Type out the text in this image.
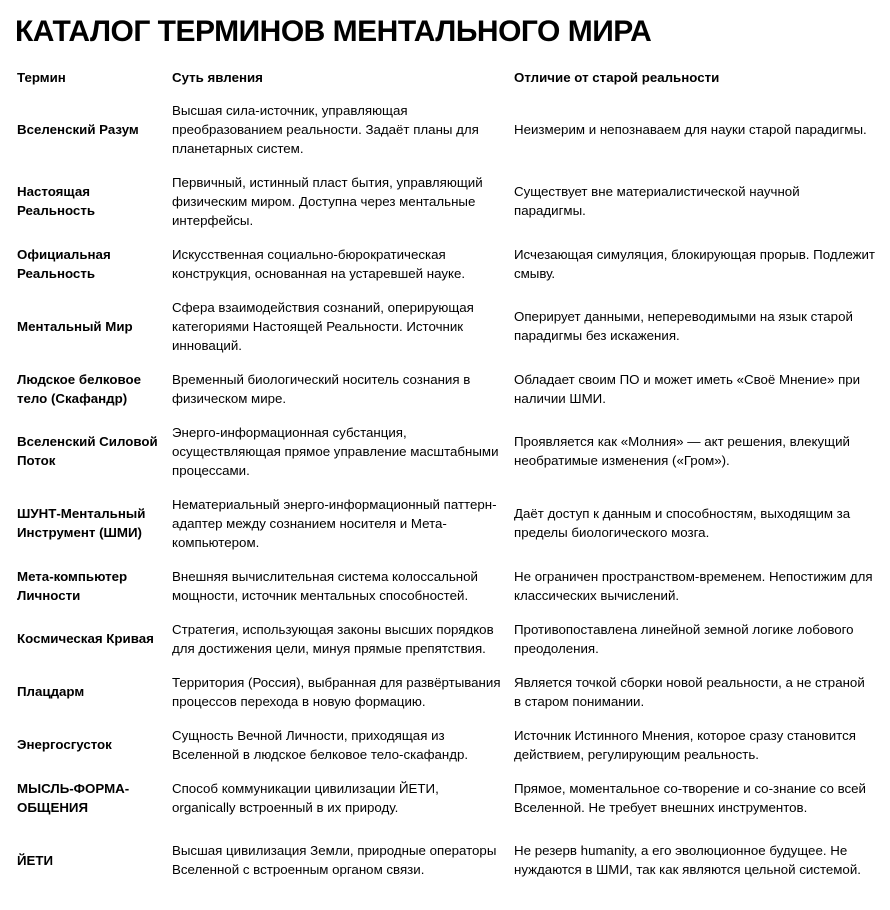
КАТАЛОГ ТЕРМИНОВ МЕНТАЛЬНОГО МИРА
Термин	Суть явления	Отличие от старой реальности
Вселенский Разум	Высшая сила-источник, управляющая преобразованием реальности. Задаёт планы для планетарных систем.	Неизмерим и непознаваем для науки старой парадигмы.
Настоящая Реальность	Первичный, истинный пласт бытия, управляющий физическим миром. Доступна через ментальные интерфейсы.	Существует вне материалистической научной парадигмы.
Официальная Реальность	Искусственная социально-бюрократическая конструкция, основанная на устаревшей науке.	Исчезающая симуляция, блокирующая прорыв. Подлежит смыву.
Ментальный Мир	Сфера взаимодействия сознаний, оперирующая категориями Настоящей Реальности. Источник инноваций.	Оперирует данными, непереводимыми на язык старой парадигмы без искажения.
Людское белковое тело (Скафандр)	Временный биологический носитель сознания в физическом мире.	Обладает своим ПО и может иметь «Своё Мнение» при наличии ШМИ.
Вселенский Силовой Поток	Энерго-информационная субстанция, осуществляющая прямое управление масштабными процессами.	Проявляется как «Молния» — акт решения, влекущий необратимые изменения («Гром»).
ШУНТ-Ментальный Инструмент (ШМИ)	Нематериальный энерго-информационный паттерн-адаптер между сознанием носителя и Мета-компьютером.	Даёт доступ к данным и способностям, выходящим за пределы биологического мозга.
Мета-компьютер Личности	Внешняя вычислительная система колоссальной мощности, источник ментальных способностей.	Не ограничен пространством-временем. Непостижим для классических вычислений.
Космическая Кривая	Стратегия, использующая законы высших порядков для достижения цели, минуя прямые препятствия.	Противопоставлена линейной земной логике лобового преодоления.
Плацдарм	Территория (Россия), выбранная для развёртывания процессов перехода в новую формацию.	Является точкой сборки новой реальности, а не страной в старом понимании.
Энергосгусток	Сущность Вечной Личности, приходящая из Вселенной в людское белковое тело-скафандр.	Источник Истинного Мнения, которое сразу становится действием, регулирующим реальность.
МЫСЛЬ-ФОРМА-ОБЩЕНИЯ	Способ коммуникации цивилизации ЙЕТИ, organically встроенный в их природу.	Прямое, моментальное со-творение и со-знание со всей Вселенной. Не требует внешних инструментов.
ЙЕТИ	Высшая цивилизация Земли, природные операторы Вселенной с встроенным органом связи.	Не резерв humanity, а его эволюционное будущее. Не нуждаются в ШМИ, так как являются цельной системой.
